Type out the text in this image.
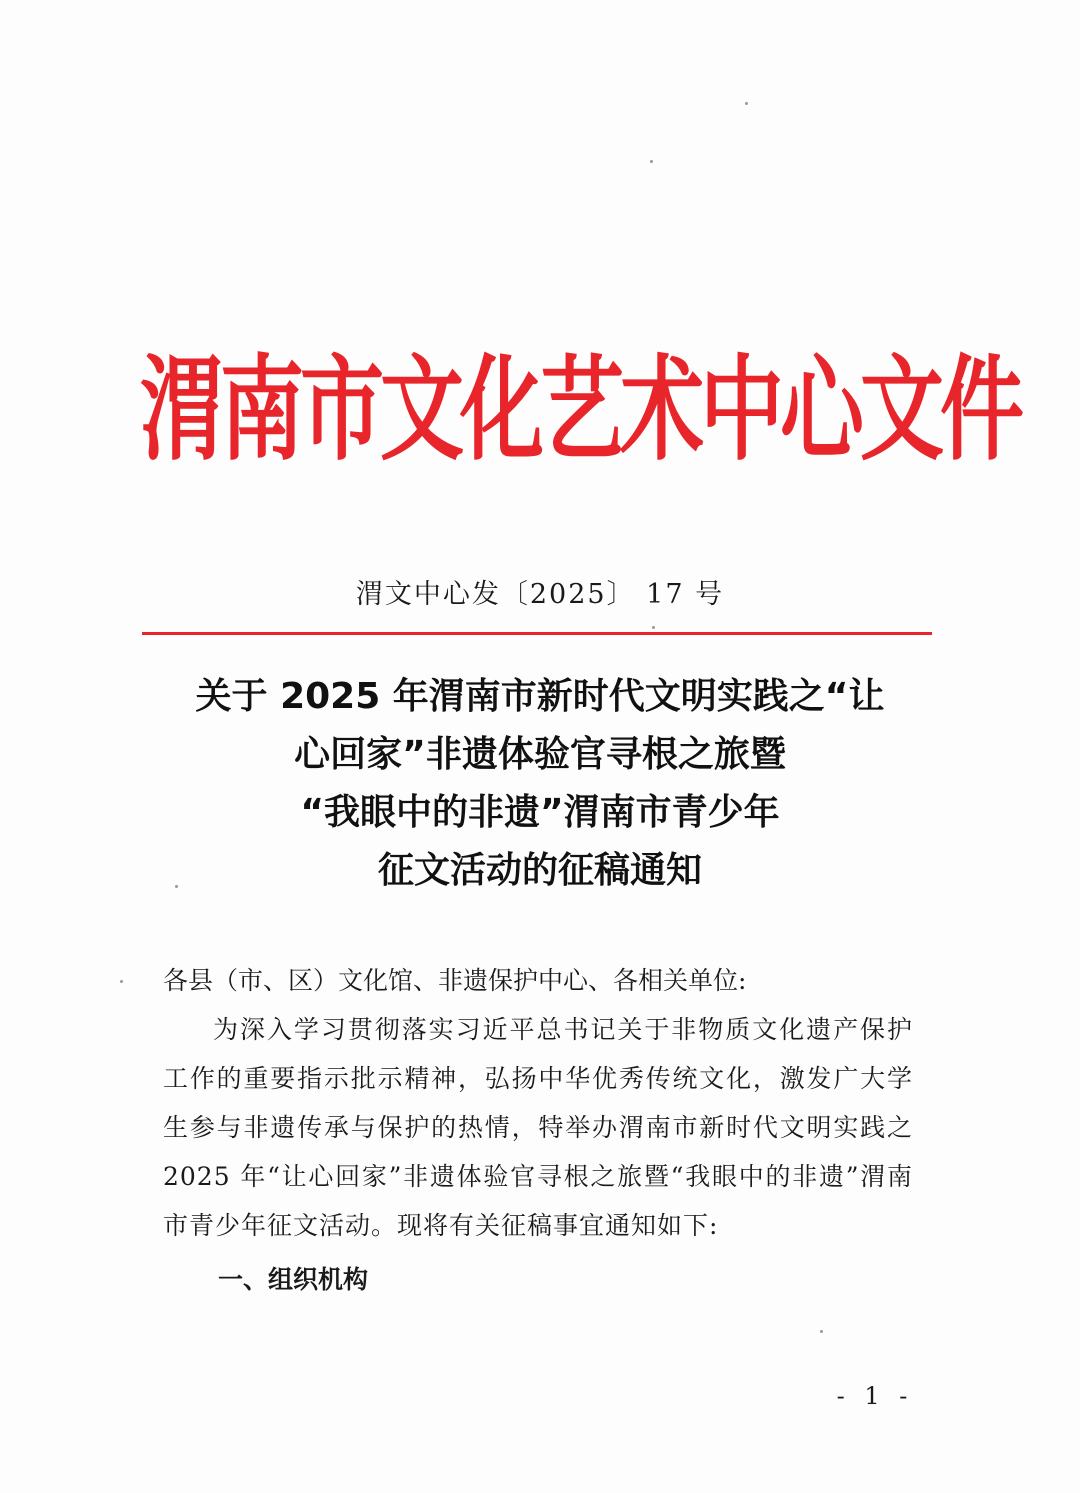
渭南市文化艺术中心文件
渭文中心发〔2025〕 17 号
关于 2025 年渭南市新时代文明实践之“让
心回家”非遗体验官寻根之旅暨
“我眼中的非遗”渭南市青少年
征文活动的征稿通知

各县（市、区）文化馆、非遗保护中心、各相关单位:

为深入学习贯彻落实习近平总书记关于非物质文化遗产保护工作的重要指示批示精神，弘扬中华优秀传统文化，激发广大学生参与非遗传承与保护的热情，特举办渭南市新时代文明实践之 2025 年“让心回家”非遗体验官寻根之旅暨“我眼中的非遗”渭南市青少年征文活动。现将有关征稿事宜通知如下:

一、组织机构

- 1 -
